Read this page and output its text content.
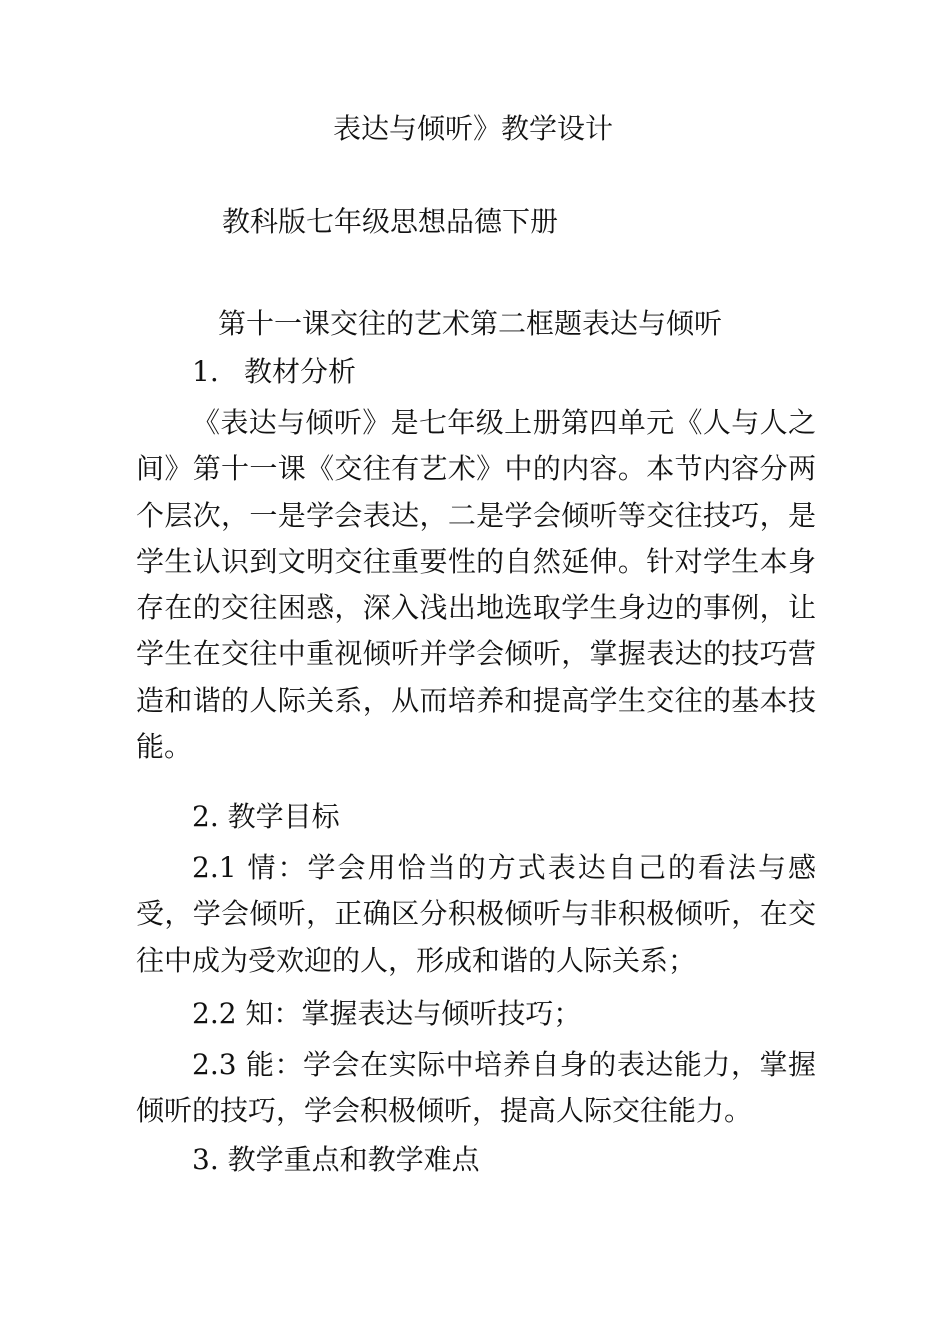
表达与倾听》教学设计
教科版七年级思想品德下册
第十一课交往的艺术第二框题表达与倾听
1. 教材分析

《表达与倾听》是七年级上册第四单元《人与人之间》第十一课《交往有艺术》中的内容。本节内容分两个层次，一是学会表达，二是学会倾听等交往技巧，是学生认识到文明交往重要性的自然延伸。针对学生本身存在的交往困惑，深入浅出地选取学生身边的事例，让学生在交往中重视倾听并学会倾听，掌握表达的技巧营造和谐的人际关系，从而培养和提高学生交往的基本技能。

2. 教学目标

2.1 情：学会用恰当的方式表达自己的看法与感受，学会倾听，正确区分积极倾听与非积极倾听，在交往中成为受欢迎的人，形成和谐的人际关系；

2.2 知：掌握表达与倾听技巧；

2.3 能：学会在实际中培养自身的表达能力，掌握倾听的技巧，学会积极倾听，提高人际交往能力。

3. 教学重点和教学难点
